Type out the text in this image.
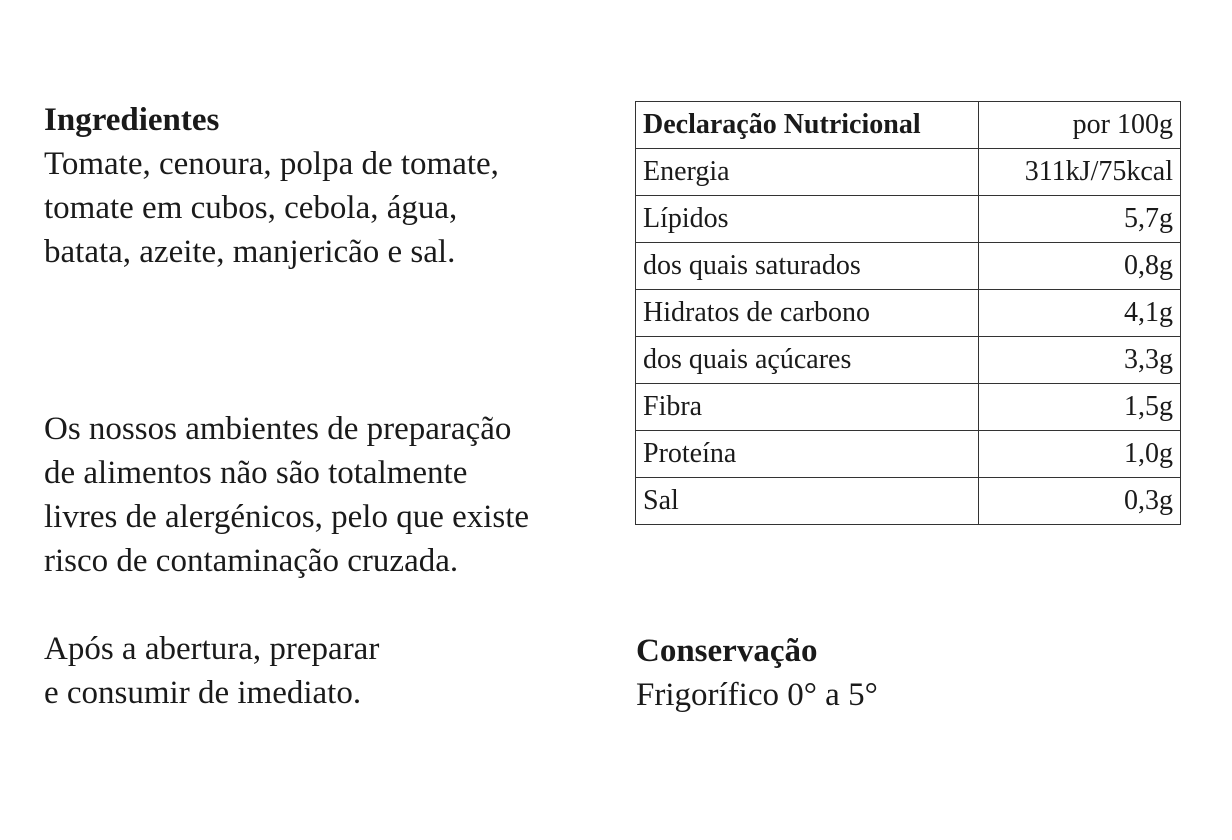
Ingredientes
Tomate, cenoura, polpa de tomate,
tomate em cubos, cebola, água,
batata, azeite, manjericão e sal.
Os nossos ambientes de preparação
de alimentos não são totalmente
livres de alergénicos, pelo que existe
risco de contaminação cruzada.
Após a abertura, preparar
e consumir de imediato.
Declaração Nutricional	por 100g
Energia	311kJ/75kcal
Lípidos	5,7g
dos quais saturados	0,8g
Hidratos de carbono	4,1g
dos quais açúcares	3,3g
Fibra	1,5g
Proteína	1,0g
Sal	0,3g
Conservação
Frigorífico 0° a 5°
